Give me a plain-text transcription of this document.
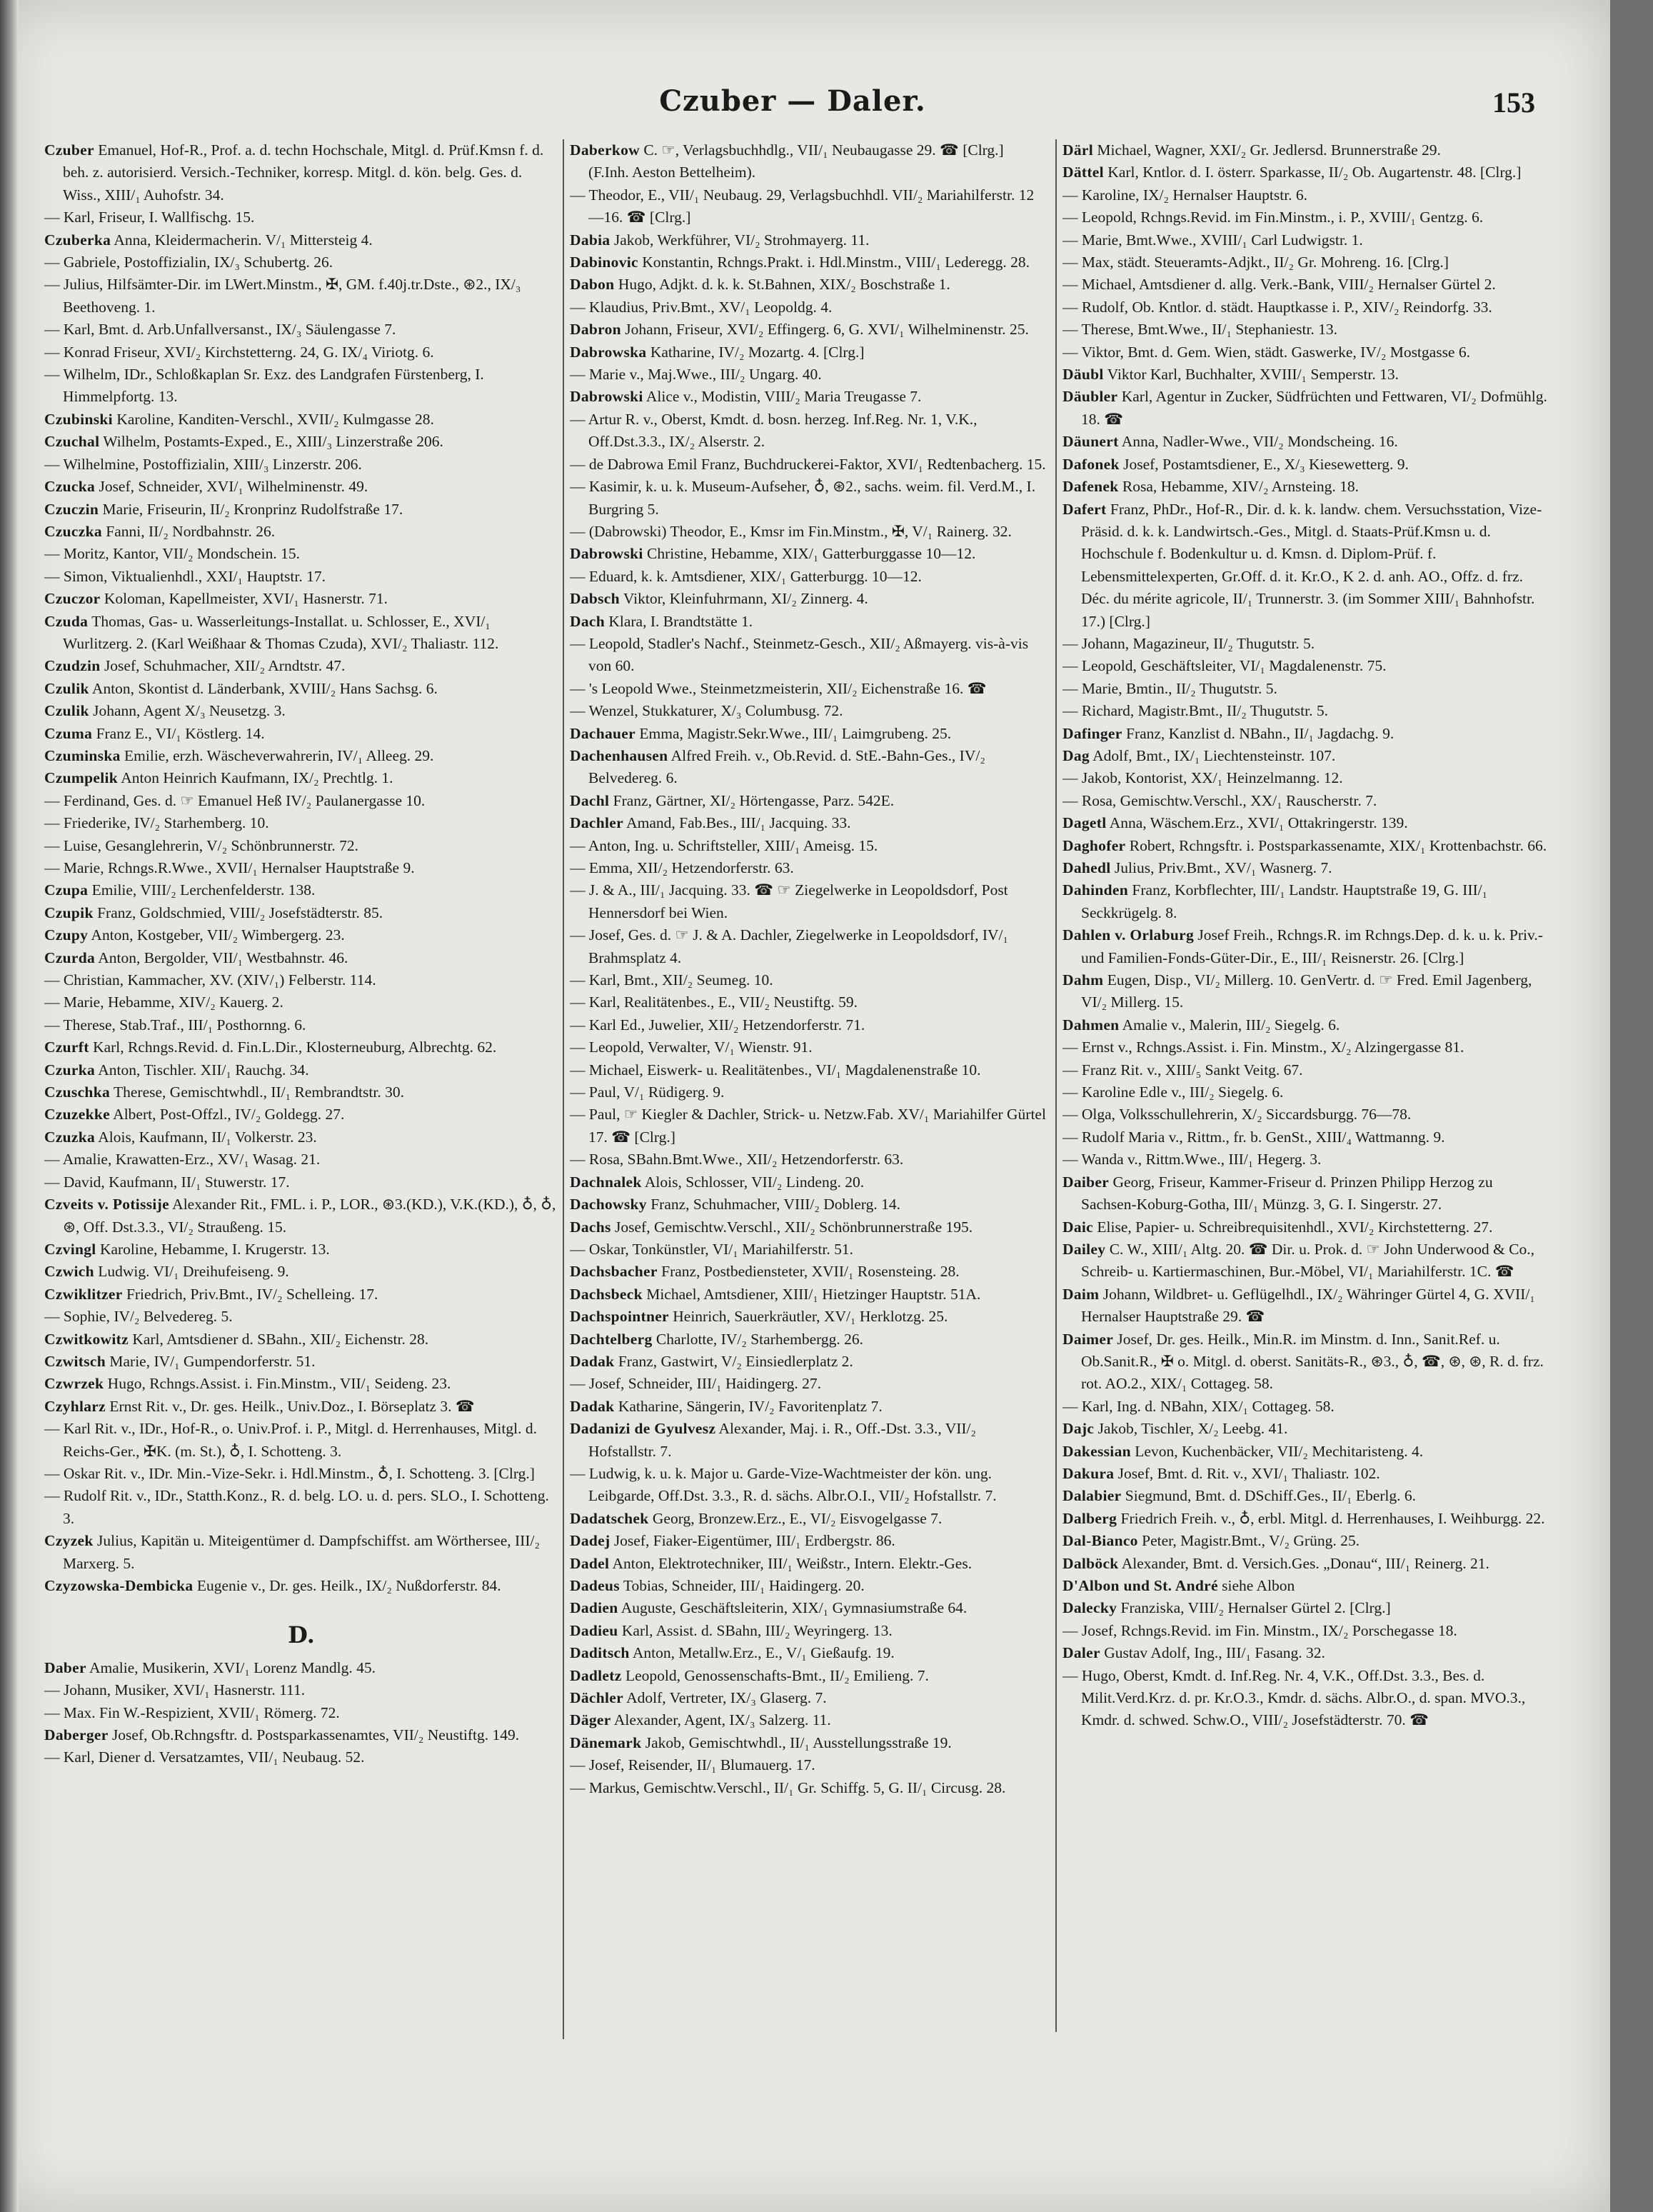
Czuber — Daler.	153

Czuber Emanuel, Hof-R., Prof. a. d. techn Hochschale, Mitgl. d. Prüf.Kmsn f. d. beh. z. autorisierd. Versich.-Techniker, korresp. Mitgl. d. kön. belg. Ges. d. Wiss., XIII/₁ Auhofstr. 34.

— Karl, Friseur, I. Wallfischg. 15.

Czuberka Anna, Kleidermacherin. V/₁ Mittersteig 4.

— Gabriele, Postoffizialin, IX/₃ Schubertg. 26.

— Julius, Hilfsämter-Dir. im LWert.Minstm., ✠, GM. f.40j.tr.Dste., ⊛2., IX/₃ Beethoveng. 1.

— Karl, Bmt. d. Arb.Unfallversanst., IX/₃ Säulengasse 7.

— Konrad Friseur, XVI/₂ Kirchstetterng. 24, G. IX/₄ Viriotg. 6.

— Wilhelm, IDr., Schloßkaplan Sr. Exz. des Landgrafen Fürstenberg, I. Himmelpfortg. 13.

Czubinski Karoline, Kanditen-Verschl., XVII/₂ Kulmgasse 28.

Czuchal Wilhelm, Postamts-Exped., E., XIII/₃ Linzerstraße 206.

— Wilhelmine, Postoffizialin, XIII/₃ Linzerstr. 206.

Czucka Josef, Schneider, XVI/₁ Wilhelminenstr. 49.

Czuczin Marie, Friseurin, II/₂ Kronprinz Rudolfstraße 17.

Czuczka Fanni, II/₂ Nordbahnstr. 26.

— Moritz, Kantor, VII/₂ Mondschein. 15.

— Simon, Viktualienhdl., XXI/₁ Hauptstr. 17.

Czuczor Koloman, Kapellmeister, XVI/₁ Hasnerstr. 71.

Czuda Thomas, Gas- u. Wasserleitungs-Installat. u. Schlosser, E., XVI/₁ Wurlitzerg. 2. (Karl Weißhaar & Thomas Czuda), XVI/₂ Thaliastr. 112.

Czudzin Josef, Schuhmacher, XII/₂ Arndtstr. 47.

Czulik Anton, Skontist d. Länderbank, XVIII/₂ Hans Sachsg. 6.

Czulik Johann, Agent X/₃ Neusetzg. 3.

Czuma Franz E., VI/₁ Köstlerg. 14.

Czuminska Emilie, erzh. Wäscheverwahrerin, IV/₁ Alleeg. 29.

Czumpelik Anton Heinrich Kaufmann, IX/₂ Prechtlg. 1.

— Ferdinand, Ges. d. ☞ Emanuel Heß IV/₂ Paulanergasse 10.

— Friederike, IV/₂ Starhemberg. 10.

— Luise, Gesanglehrerin, V/₂ Schönbrunnerstr. 72.

— Marie, Rchngs.R.Wwe., XVII/₁ Hernalser Hauptstraße 9.

Czupa Emilie, VIII/₂ Lerchenfelderstr. 138.

Czupik Franz, Goldschmied, VIII/₂ Josefstädterstr. 85.

Czupy Anton, Kostgeber, VII/₂ Wimbergerg. 23.

Czurda Anton, Bergolder, VII/₁ Westbahnstr. 46.

— Christian, Kammacher, XV. (XIV/₁) Felberstr. 114.

— Marie, Hebamme, XIV/₂ Kauerg. 2.

— Therese, Stab.Traf., III/₁ Posthornng. 6.

Czurft Karl, Rchngs.Revid. d. Fin.L.Dir., Klosterneuburg, Albrechtg. 62.

Czurka Anton, Tischler. XII/₁ Rauchg. 34.

Czuschka Therese, Gemischtwhdl., II/₁ Rembrandtstr. 30.

Czuzekke Albert, Post-Offzl., IV/₂ Goldegg. 27.

Czuzka Alois, Kaufmann, II/₁ Volkerstr. 23.

— Amalie, Krawatten-Erz., XV/₁ Wasag. 21.

— David, Kaufmann, II/₁ Stuwerstr. 17.

Czveits v. Potissije Alexander Rit., FML. i. P., LOR., ⊛3.(KD.), V.K.(KD.), ♁, ♁, ⊛, Off. Dst.3.3., VI/₂ Straußeng. 15.

Czvingl Karoline, Hebamme, I. Krugerstr. 13.

Czwich Ludwig. VI/₁ Dreihufeiseng. 9.

Czwiklitzer Friedrich, Priv.Bmt., IV/₂ Schelleing. 17.

— Sophie, IV/₂ Belvedereg. 5.

Czwitkowitz Karl, Amtsdiener d. SBahn., XII/₂ Eichenstr. 28.

Czwitsch Marie, IV/₁ Gumpendorferstr. 51.

Czwrzek Hugo, Rchngs.Assist. i. Fin.Minstm., VII/₁ Seideng. 23.

Czyhlarz Ernst Rit. v., Dr. ges. Heilk., Univ.Doz., I. Börseplatz 3. ☎

— Karl Rit. v., IDr., Hof-R., o. Univ.Prof. i. P., Mitgl. d. Herrenhauses, Mitgl. d. Reichs-Ger., ✠K. (m. St.), ♁, I. Schotteng. 3.

— Oskar Rit. v., IDr. Min.-Vize-Sekr. i. Hdl.Minstm., ♁, I. Schotteng. 3. [Clrg.]

— Rudolf Rit. v., IDr., Statth.Konz., R. d. belg. LO. u. d. pers. SLO., I. Schotteng. 3.

Czyzek Julius, Kapitän u. Miteigentümer d. Dampfschiffst. am Wörthersee, III/₂ Marxerg. 5.

Czyzowska-Dembicka Eugenie v., Dr. ges. Heilk., IX/₂ Nußdorferstr. 84.

D.

Daber Amalie, Musikerin, XVI/₁ Lorenz Mandlg. 45.

— Johann, Musiker, XVI/₁ Hasnerstr. 111.

— Max. Fin W.-Respizient, XVII/₁ Römerg. 72.

Daberger Josef, Ob.Rchngsftr. d. Postsparkassenamtes, VII/₂ Neustiftg. 149.

— Karl, Diener d. Versatzamtes, VII/₁ Neubaug. 52.

Daberkow C. ☞, Verlagsbuchhdlg., VII/₁ Neubaugasse 29. ☎ [Clrg.] (F.Inh. Aeston Bettelheim).

— Theodor, E., VII/₁ Neubaug. 29, Verlagsbuchhdl. VII/₂ Mariahilferstr. 12—16. ☎ [Clrg.]

Dabia Jakob, Werkführer, VI/₂ Strohmayerg. 11.

Dabinovic Konstantin, Rchngs.Prakt. i. Hdl.Minstm., VIII/₁ Lederegg. 28.

Dabon Hugo, Adjkt. d. k. k. St.Bahnen, XIX/₂ Boschstraße 1.

— Klaudius, Priv.Bmt., XV/₁ Leopoldg. 4.

Dabron Johann, Friseur, XVI/₂ Effingerg. 6, G. XVI/₁ Wilhelminenstr. 25.

Dabrowska Katharine, IV/₂ Mozartg. 4. [Clrg.]

— Marie v., Maj.Wwe., III/₂ Ungarg. 40.

Dabrowski Alice v., Modistin, VIII/₂ Maria Treugasse 7.

— Artur R. v., Oberst, Kmdt. d. bosn. herzeg. Inf.Reg. Nr. 1, V.K., Off.Dst.3.3., IX/₂ Alserstr. 2.

— de Dabrowa Emil Franz, Buchdruckerei-Faktor, XVI/₁ Redtenbacherg. 15.

— Kasimir, k. u. k. Museum-Aufseher, ♁, ⊛2., sachs. weim. fil. Verd.M., I. Burgring 5.

— (Dabrowski) Theodor, E., Kmsr im Fin.Minstm., ✠, V/₁ Rainerg. 32.

Dabrowski Christine, Hebamme, XIX/₁ Gatterburggasse 10—12.

— Eduard, k. k. Amtsdiener, XIX/₁ Gatterburgg. 10—12.

Dabsch Viktor, Kleinfuhrmann, XI/₂ Zinnerg. 4.

Dach Klara, I. Brandtstätte 1.

— Leopold, Stadler's Nachf., Steinmetz-Gesch., XII/₂ Aßmayerg. vis-à-vis von 60.

— 's Leopold Wwe., Steinmetzmeisterin, XII/₂ Eichenstraße 16. ☎

— Wenzel, Stukkaturer, X/₃ Columbusg. 72.

Dachauer Emma, Magistr.Sekr.Wwe., III/₁ Laimgrubeng. 25.

Dachenhausen Alfred Freih. v., Ob.Revid. d. StE.-Bahn-Ges., IV/₂ Belvedereg. 6.

Dachl Franz, Gärtner, XI/₂ Hörtengasse, Parz. 542E.

Dachler Amand, Fab.Bes., III/₁ Jacquing. 33.

— Anton, Ing. u. Schriftsteller, XIII/₁ Ameisg. 15.

— Emma, XII/₂ Hetzendorferstr. 63.

— J. & A., III/₁ Jacquing. 33. ☎ ☞ Ziegelwerke in Leopoldsdorf, Post Hennersdorf bei Wien.

— Josef, Ges. d. ☞ J. & A. Dachler, Ziegelwerke in Leopoldsdorf, IV/₁ Brahmsplatz 4.

— Karl, Bmt., XII/₂ Seumeg. 10.

— Karl, Realitätenbes., E., VII/₂ Neustiftg. 59.

— Karl Ed., Juwelier, XII/₂ Hetzendorferstr. 71.

— Leopold, Verwalter, V/₁ Wienstr. 91.

— Michael, Eiswerk- u. Realitätenbes., VI/₁ Magdalenenstraße 10.

— Paul, V/₁ Rüdigerg. 9.

— Paul, ☞ Kiegler & Dachler, Strick- u. Netzw.Fab. XV/₁ Mariahilfer Gürtel 17. ☎ [Clrg.]

— Rosa, SBahn.Bmt.Wwe., XII/₂ Hetzendorferstr. 63.

Dachnalek Alois, Schlosser, VII/₂ Lindeng. 20.

Dachowsky Franz, Schuhmacher, VIII/₂ Doblerg. 14.

Dachs Josef, Gemischtw.Verschl., XII/₂ Schönbrunnerstraße 195.

— Oskar, Tonkünstler, VI/₁ Mariahilferstr. 51.

Dachsbacher Franz, Postbediensteter, XVII/₁ Rosensteing. 28.

Dachsbeck Michael, Amtsdiener, XIII/₁ Hietzinger Hauptstr. 51A.

Dachspointner Heinrich, Sauerkräutler, XV/₁ Herklotzg. 25.

Dachtelberg Charlotte, IV/₂ Starhembergg. 26.

Dadak Franz, Gastwirt, V/₂ Einsiedlerplatz 2.

— Josef, Schneider, III/₁ Haidingerg. 27.

Dadak Katharine, Sängerin, IV/₂ Favoritenplatz 7.

Dadanizi de Gyulvesz Alexander, Maj. i. R., Off.-Dst. 3.3., VII/₂ Hofstallstr. 7.

— Ludwig, k. u. k. Major u. Garde-Vize-Wachtmeister der kön. ung. Leibgarde, Off.Dst. 3.3., R. d. sächs. Albr.O.I., VII/₂ Hofstallstr. 7.

Dadatschek Georg, Bronzew.Erz., E., VI/₂ Eisvogelgasse 7.

Dadej Josef, Fiaker-Eigentümer, III/₁ Erdbergstr. 86.

Dadel Anton, Elektrotechniker, III/₁ Weißstr., Intern. Elektr.-Ges.

Dadeus Tobias, Schneider, III/₁ Haidingerg. 20.

Dadien Auguste, Geschäftsleiterin, XIX/₁ Gymnasiumstraße 64.

Dadieu Karl, Assist. d. SBahn, III/₂ Weyringerg. 13.

Daditsch Anton, Metallw.Erz., E., V/₁ Gießaufg. 19.

Dadletz Leopold, Genossenschafts-Bmt., II/₂ Emilieng. 7.

Dächler Adolf, Vertreter, IX/₃ Glaserg. 7.

Däger Alexander, Agent, IX/₃ Salzerg. 11.

Dänemark Jakob, Gemischtwhdl., II/₁ Ausstellungsstraße 19.

— Josef, Reisender, II/₁ Blumauerg. 17.

— Markus, Gemischtw.Verschl., II/₁ Gr. Schiffg. 5, G. II/₁ Circusg. 28.

Därl Michael, Wagner, XXI/₂ Gr. Jedlersd. Brunnerstraße 29.

Dättel Karl, Kntlor. d. I. österr. Sparkasse, II/₂ Ob. Augartenstr. 48. [Clrg.]

— Karoline, IX/₂ Hernalser Hauptstr. 6.

— Leopold, Rchngs.Revid. im Fin.Minstm., i. P., XVIII/₁ Gentzg. 6.

— Marie, Bmt.Wwe., XVIII/₁ Carl Ludwigstr. 1.

— Max, städt. Steueramts-Adjkt., II/₂ Gr. Mohreng. 16. [Clrg.]

— Michael, Amtsdiener d. allg. Verk.-Bank, VIII/₂ Hernalser Gürtel 2.

— Rudolf, Ob. Kntlor. d. städt. Hauptkasse i. P., XIV/₂ Reindorfg. 33.

— Therese, Bmt.Wwe., II/₁ Stephaniestr. 13.

— Viktor, Bmt. d. Gem. Wien, städt. Gaswerke, IV/₂ Mostgasse 6.

Däubl Viktor Karl, Buchhalter, XVIII/₁ Semperstr. 13.

Däubler Karl, Agentur in Zucker, Südfrüchten und Fettwaren, VI/₂ Dofmühlg. 18. ☎

Däunert Anna, Nadler-Wwe., VII/₂ Mondscheing. 16.

Dafonek Josef, Postamtsdiener, E., X/₃ Kiesewetterg. 9.

Dafenek Rosa, Hebamme, XIV/₂ Arnsteing. 18.

Dafert Franz, PhDr., Hof-R., Dir. d. k. k. landw. chem. Versuchsstation, Vize-Präsid. d. k. k. Landwirtsch.-Ges., Mitgl. d. Staats-Prüf.Kmsn u. d. Hochschule f. Bodenkultur u. d. Kmsn. d. Diplom-Prüf. f. Lebensmittelexperten, Gr.Off. d. it. Kr.O., K 2. d. anh. AO., Offz. d. frz. Déc. du mérite agricole, II/₁ Trunnerstr. 3. (im Sommer XIII/₁ Bahnhofstr. 17.) [Clrg.]

— Johann, Magazineur, II/₂ Thugutstr. 5.

— Leopold, Geschäftsleiter, VI/₁ Magdalenenstr. 75.

— Marie, Bmtin., II/₂ Thugutstr. 5.

— Richard, Magistr.Bmt., II/₂ Thugutstr. 5.

Dafinger Franz, Kanzlist d. NBahn., II/₁ Jagdachg. 9.

Dag Adolf, Bmt., IX/₁ Liechtensteinstr. 107.

— Jakob, Kontorist, XX/₁ Heinzelmanng. 12.

— Rosa, Gemischtw.Verschl., XX/₁ Rauscherstr. 7.

Dagetl Anna, Wäschem.Erz., XVI/₁ Ottakringerstr. 139.

Daghofer Robert, Rchngsftr. i. Postsparkassenamte, XIX/₁ Krottenbachstr. 66.

Dahedl Julius, Priv.Bmt., XV/₁ Wasnerg. 7.

Dahinden Franz, Korbflechter, III/₁ Landstr. Hauptstraße 19, G. III/₁ Seckkrügelg. 8.

Dahlen v. Orlaburg Josef Freih., Rchngs.R. im Rchngs.Dep. d. k. u. k. Priv.- und Familien-Fonds-Güter-Dir., E., III/₁ Reisnerstr. 26. [Clrg.]

Dahm Eugen, Disp., VI/₂ Millerg. 10. GenVertr. d. ☞ Fred. Emil Jagenberg, VI/₂ Millerg. 15.

Dahmen Amalie v., Malerin, III/₂ Siegelg. 6.

— Ernst v., Rchngs.Assist. i. Fin. Minstm., X/₂ Alzingergasse 81.

— Franz Rit. v., XIII/₅ Sankt Veitg. 67.

— Karoline Edle v., III/₂ Siegelg. 6.

— Olga, Volksschullehrerin, X/₂ Siccardsburgg. 76—78.

— Rudolf Maria v., Rittm., fr. b. GenSt., XIII/₄ Wattmanng. 9.

— Wanda v., Rittm.Wwe., III/₁ Hegerg. 3.

Daiber Georg, Friseur, Kammer-Friseur d. Prinzen Philipp Herzog zu Sachsen-Koburg-Gotha, III/₁ Münzg. 3, G. I. Singerstr. 27.

Daic Elise, Papier- u. Schreibrequisitenhdl., XVI/₂ Kirchstetterng. 27.

Dailey C. W., XIII/₁ Altg. 20. ☎ Dir. u. Prok. d. ☞ John Underwood & Co., Schreib- u. Kartiermaschinen, Bur.-Möbel, VI/₁ Mariahilferstr. 1C. ☎

Daim Johann, Wildbret- u. Geflügelhdl., IX/₂ Währinger Gürtel 4, G. XVII/₁ Hernalser Hauptstraße 29. ☎

Daimer Josef, Dr. ges. Heilk., Min.R. im Minstm. d. Inn., Sanit.Ref. u. Ob.Sanit.R., ✠ o. Mitgl. d. oberst. Sanitäts-R., ⊛3., ♁, ☎, ⊛, ⊛, R. d. frz. rot. AO.2., XIX/₁ Cottageg. 58.

— Karl, Ing. d. NBahn, XIX/₁ Cottageg. 58.

Dajc Jakob, Tischler, X/₂ Leebg. 41.

Dakessian Levon, Kuchenbäcker, VII/₂ Mechitaristeng. 4.

Dakura Josef, Bmt. d. Rit. v., XVI/₁ Thaliastr. 102.

Dalabier Siegmund, Bmt. d. DSchiff.Ges., II/₁ Eberlg. 6.

Dalberg Friedrich Freih. v., ♁, erbl. Mitgl. d. Herrenhauses, I. Weihburgg. 22.

Dal-Bianco Peter, Magistr.Bmt., V/₂ Grüng. 25.

Dalböck Alexander, Bmt. d. Versich.Ges. „Donau“, III/₁ Reinerg. 21.

D'Albon und St. André siehe Albon

Dalecky Franziska, VIII/₂ Hernalser Gürtel 2. [Clrg.]

— Josef, Rchngs.Revid. im Fin. Minstm., IX/₂ Porschegasse 18.

Daler Gustav Adolf, Ing., III/₁ Fasang. 32.

— Hugo, Oberst, Kmdt. d. Inf.Reg. Nr. 4, V.K., Off.Dst. 3.3., Bes. d. Milit.Verd.Krz. d. pr. Kr.O.3., Kmdr. d. sächs. Albr.O., d. span. MVO.3., Kmdr. d. schwed. Schw.O., VIII/₂ Josefstädterstr. 70. ☎
